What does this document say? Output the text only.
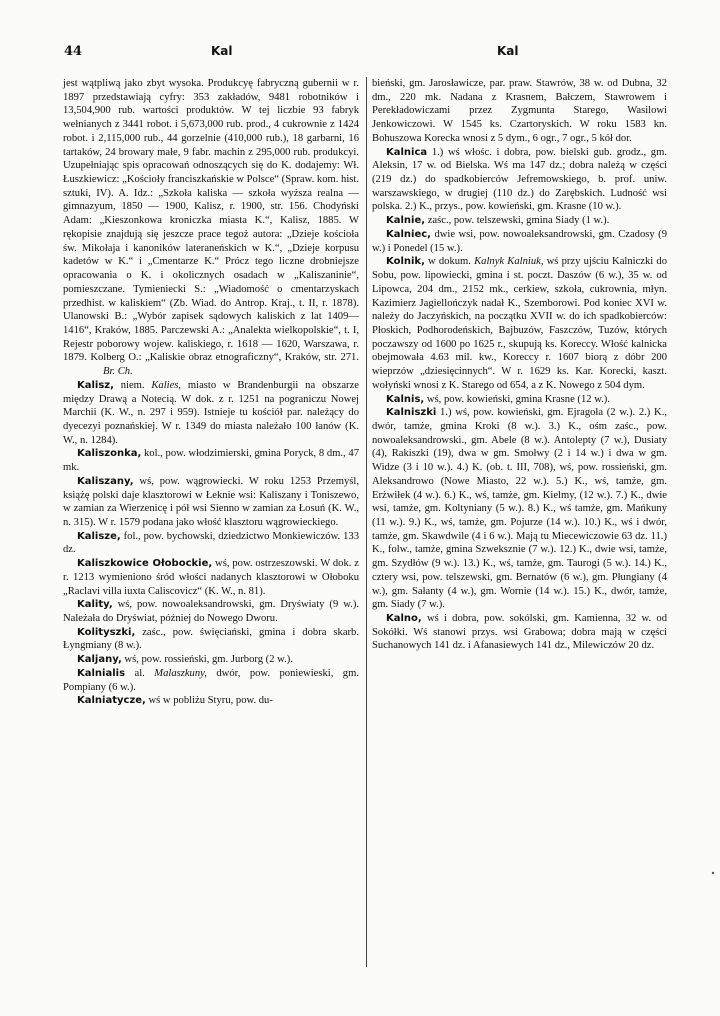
44	Kal	Kal

jest wątpliwą jako zbyt wysoka. Produkcyę fabryczną gubernii w r. 1897 przedstawiają cyfry: 353 zakładów, 9481 robotników i 13,504,900 rub. wartości produktów. W tej liczbie 93 fabryk wełnianych z 3441 robot. i 5,673,000 rub. prod., 4 cukrownie z 1424 robot. i 2,115,000 rub., 44 gorzelnie (410,000 rub.), 18 garbarni, 16 tartaków, 24 browary małe, 9 fabr. machin z 295,000 rub. produkcyi. Uzupełniając spis opracowań odnoszących się do K. dodajemy: Wł. Łuszkiewicz: „Kościoły franciszkańskie w Polsce“ (Spraw. kom. hist. sztuki, IV). A. Idz.: „Szkoła kaliska — szkoła wyższa realna — gimnazyum, 1850 — 1900, Kalisz, r. 1900, str. 156. Chodyński Adam: „Kieszonkowa kroniczka miasta K.“, Kalisz, 1885. W rękopisie znajdują się jeszcze prace tegoż autora: „Dzieje kościoła św. Mikołaja i kanoników lateraneńskich w K.“, „Dzieje korpusu kadetów w K.“ i „Cmentarze K.“ Prócz tego liczne drobniejsze opracowania o K. i okolicznych osadach w „Kaliszaninie“, pomieszczane. Tymieniecki S.: „Wiadomość o cmentarzyskach przedhist. w kaliskiem“ (Zb. Wiad. do Antrop. Kraj., t. II, r. 1878). Ulanowski B.: „Wybór zapisek sądowych kaliskich z lat 1409—1416“, Kraków, 1885. Parczewski A.: „Analekta wielkopolskie“, t. I, Rejestr poborowy wojew. kaliskiego, r. 1618 — 1620, Warszawa, r. 1879. Kolberg O.: „Kaliskie obraz etnograficzny“, Kraków, str. 271. Br. Ch.

Kalisz, niem. Kalies, miasto w Brandenburgii na obszarze między Drawą a Notecią. W dok. z r. 1251 na pograniczu Nowej Marchii (K. W., n. 297 i 959). Istnieje tu kościół par. należący do dyecezyi poznańskiej. W r. 1349 do miasta należało 100 łanów (K. W., n. 1284).

Kaliszonka, kol., pow. włodzimierski, gmina Poryck, 8 dm., 47 mk.

Kaliszany, wś, pow. wągrowiecki. W roku 1253 Przemyśl, książę polski daje klasztorowi w Łeknie wsi: Kaliszany i Toniszewo, w zamian za Wierzenicę i pół wsi Sienno w zamian za Łosuń (K. W., n. 315). W r. 1579 podana jako włość klasztoru wągrowieckiego.

Kalisze, fol., pow. bychowski, dziedzictwo Monkiewiczów. 133 dz.

Kaliszkowice Ołobockie, wś, pow. ostrzeszowski. W dok. z r. 1213 wymieniono śród włości nadanych klasztorowi w Ołoboku „Raclavi villa iuxta Caliscovicz“ (K. W., n. 81).

Kality, wś, pow. nowoaleksandrowski, gm. Dryświaty (9 w.). Należała do Dryświat, później do Nowego Dworu.

Kolityszki, zaśc., pow. święciański, gmina i dobra skarb. Łyngmiany (8 w.).

Kaljany, wś, pow. rossieński, gm. Jurborg (2 w.).

Kalnialis al. Malaszkuny, dwór, pow. poniewieski, gm. Pompiany (6 w.).

Kalniatycze, wś w pobliżu Styru, pow. du-

bieński, gm. Jarosławicze, par. praw. Stawrów, 38 w. od Dubna, 32 dm., 220 mk. Nadana z Krasnem, Bałczem, Stawrowem i Perekładowiczami przez Zygmunta Starego, Wasilowi Jenkowiczowi. W 1545 ks. Czartoryskich. W roku 1583 kn. Bohuszowa Korecka wnosi z 5 dym., 6 ogr., 7 ogr., 5 kół dor.

Kalnica 1.) wś włośc. i dobra, pow. bielski gub. grodz., gm. Aleksin, 17 w. od Bielska. Wś ma 147 dz.; dobra należą w części (219 dz.) do spadkobierców Jefremowskiego, b. prof. uniw. warszawskiego, w drugiej (110 dz.) do Zarębskich. Ludność wsi polska. 2.) K., przys., pow. kowieński, gm. Krasne (10 w.).

Kalnie, zaśc., pow. telszewski, gmina Siady (1 w.).

Kalniec, dwie wsi, pow. nowoaleksandrowski, gm. Czadosy (9 w.) i Ponedel (15 w.).

Kolnik, w dokum. Kalnyk Kalniuk, wś przy ujściu Kalniczki do Sobu, pow. lipowiecki, gmina i st. poczt. Daszów (6 w.), 35 w. od Lipowca, 204 dm., 2152 mk., cerkiew, szkoła, cukrownia, młyn. Kazimierz Jagiellończyk nadał K., Szemborowi. Pod koniec XVI w. należy do Jaczyńskich, na początku XVII w. do ich spadkobierców: Płoskich, Podhorodeńskich, Bajbuzów, Faszczów, Tuzów, których poczawszy od 1600 po 1625 r., skupują ks. Koreccy. Włość kalnicka obejmowała 4.63 mil. kw., Koreccy r. 1607 biorą z dóbr 200 wieprzów „dziesięcinnych“. W r. 1629 ks. Kar. Korecki, kaszt. wołyński wnosi z K. Starego od 654, a z K. Nowego z 504 dym.

Kalnis, wś, pow. kowieński, gmina Krasne (12 w.).

Kalniszki 1.) wś, pow. kowieński, gm. Ejragoła (2 w.). 2.) K., dwór, tamże, gmina Kroki (8 w.). 3.) K., ośm zaśc., pow. nowoaleksandrowski., gm. Abele (8 w.). Antolepty (7 w.), Dusiaty (4), Rakiszki (19), dwa w gm. Smołwy (2 i 14 w.) i dwa w gm. Widze (3 i 10 w.). 4.) K. (ob. t. III, 708), wś, pow. rossieński, gm. Aleksandrowo (Nowe Miasto, 22 w.). 5.) K., wś, tamże, gm. Erżwiłek (4 w.). 6.) K., wś, tamże, gm. Kielmy, (12 w.). 7.) K., dwie wsi, tamże, gm. Koltyniany (5 w.). 8.) K., wś tamże, gm. Mańkuny (11 w.). 9.) K., wś, tamże, gm. Pojurze (14 w.). 10.) K., wś i dwór, tamże, gm. Skawdwile (4 i 6 w.). Mają tu Miecewiczowie 63 dz. 11.) K., folw., tamże, gmina Szweksznie (7 w.). 12.) K., dwie wsi, tamże, gm. Szydłów (9 w.). 13.) K., wś, tamże, gm. Taurogi (5 w.). 14.) K., cztery wsi, pow. telszewski, gm. Bernatów (6 w.), gm. Płungiany (4 w.), gm. Sałanty (4 w.), gm. Wornie (14 w.). 15.) K., dwór, tamże, gm. Siady (7 w.).

Kalno, wś i dobra, pow. sokólski, gm. Kamienna, 32 w. od Sokółki. Wś stanowi przys. wsi Grabowa; dobra mają w części Suchanowych 141 dz. i Afanasiewych 141 dz., Milewiczów 20 dz.
